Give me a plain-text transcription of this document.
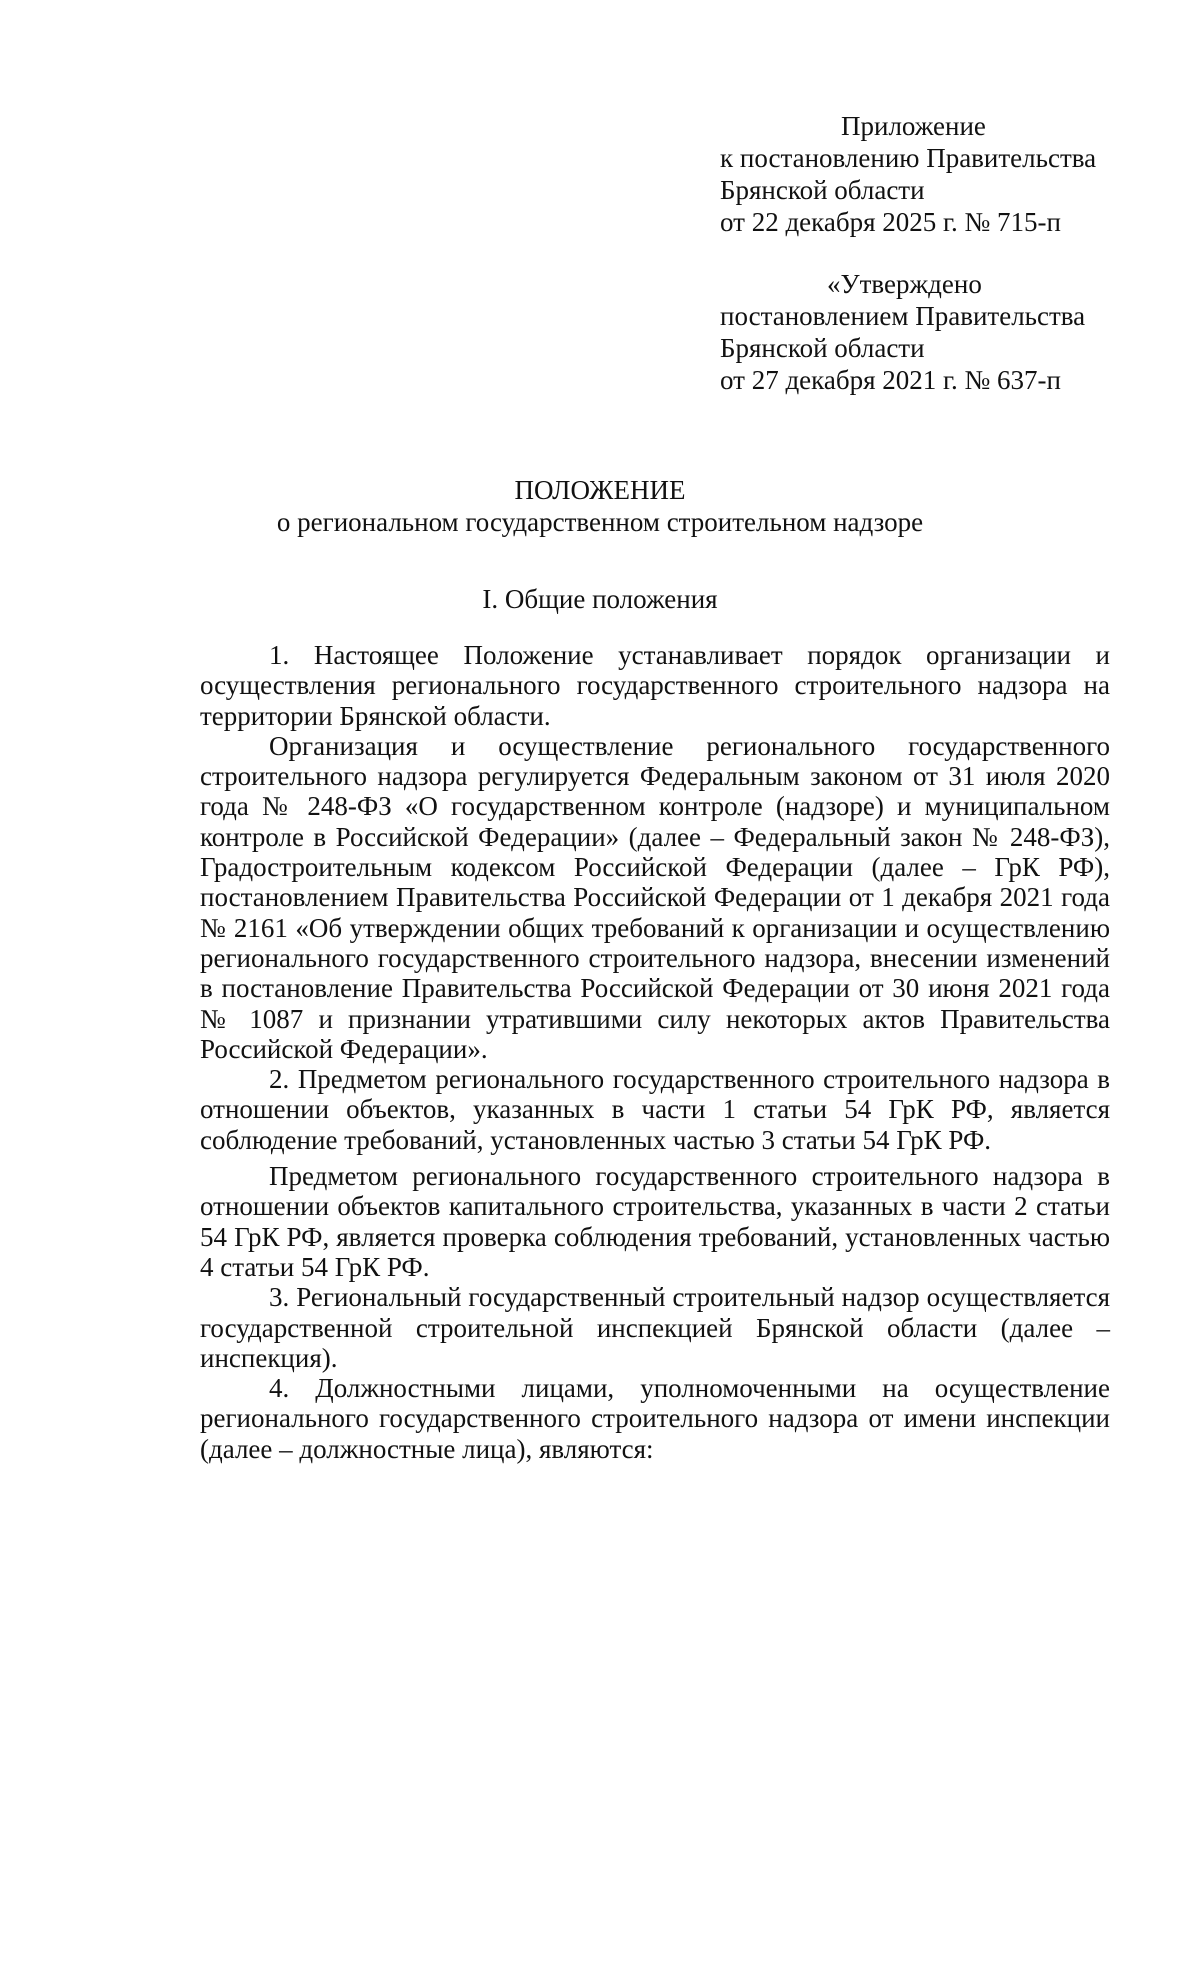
Приложение
к постановлению Правительства
Брянской области
от 22 декабря 2025 г. № 715-п
«Утверждено
постановлением Правительства
Брянской области
от 27 декабря 2021 г. № 637-п
ПОЛОЖЕНИЕ
о региональном государственном строительном надзоре
I. Общие положения

1. Настоящее Положение устанавливает порядок организации и осуществления регионального государственного строительного надзора на территории Брянской области.

Организация и осуществление регионального государственного строительного надзора регулируется Федеральным законом от 31 июля 2020 года № 248-ФЗ «О государственном контроле (надзоре) и муниципальном контроле в Российской Федерации» (далее – Федеральный закон № 248-ФЗ), Градостроительным кодексом Российской Федерации (далее – ГрК РФ), постановлением Правительства Российской Федерации от 1 декабря 2021 года № 2161 «Об утверждении общих требований к организации и осуществлению регионального государственного строительного надзора, внесении изменений в постановление Правительства Российской Федерации от 30 июня 2021 года № 1087 и признании утратившими силу некоторых актов Правительства Российской Федерации».

2. Предметом регионального государственного строительного надзора в отношении объектов, указанных в части 1 статьи 54 ГрК РФ, является соблюдение требований, установленных частью 3 статьи 54 ГрК РФ.

Предметом регионального государственного строительного надзора в отношении объектов капитального строительства, указанных в части 2 статьи 54 ГрК РФ, является проверка соблюдения требований, установленных частью 4 статьи 54 ГрК РФ.

3. Региональный государственный строительный надзор осуществляется государственной строительной инспекцией Брянской области (далее – инспекция).

4. Должностными лицами, уполномоченными на осуществление регионального государственного строительного надзора от имени инспекции (далее – должностные лица), являются:
